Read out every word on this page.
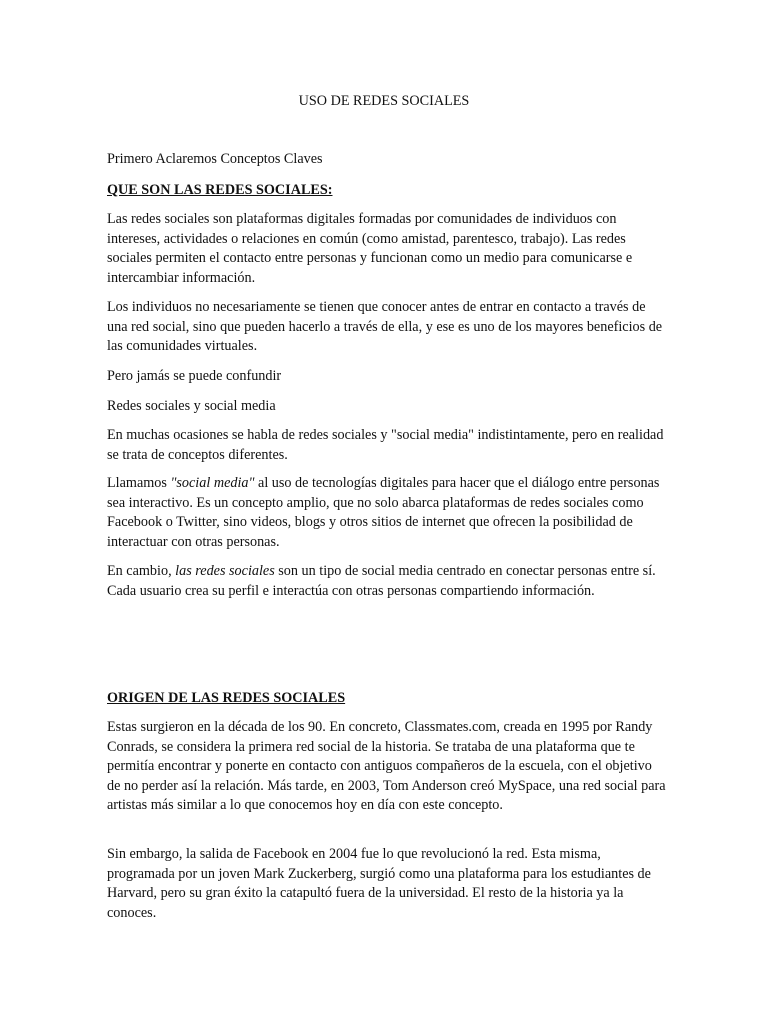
USO DE REDES SOCIALES

Primero Aclaremos Conceptos Claves

QUE SON LAS REDES SOCIALES:

Las redes sociales son plataformas digitales formadas por comunidades de individuos con intereses, actividades o relaciones en común (como amistad, parentesco, trabajo). Las redes sociales permiten el contacto entre personas y funcionan como un medio para comunicarse e intercambiar información.

Los individuos no necesariamente se tienen que conocer antes de entrar en contacto a través de una red social, sino que pueden hacerlo a través de ella, y ese es uno de los mayores beneficios de las comunidades virtuales.

Pero jamás se puede confundir

Redes sociales y social media

En muchas ocasiones se habla de redes sociales y "social media" indistintamente, pero en realidad se trata de conceptos diferentes.

Llamamos "social media" al uso de tecnologías digitales para hacer que el diálogo entre personas sea interactivo. Es un concepto amplio, que no solo abarca plataformas de redes sociales como Facebook o Twitter, sino videos, blogs y otros sitios de internet que ofrecen la posibilidad de interactuar con otras personas.

En cambio, las redes sociales son un tipo de social media centrado en conectar personas entre sí. Cada usuario crea su perfil e interactúa con otras personas compartiendo información.

ORIGEN DE LAS REDES SOCIALES

Estas surgieron en la década de los 90. En concreto, Classmates.com, creada en 1995 por Randy Conrads, se considera la primera red social de la historia. Se trataba de una plataforma que te permitía encontrar y ponerte en contacto con antiguos compañeros de la escuela, con el objetivo de no perder así la relación. Más tarde, en 2003, Tom Anderson creó MySpace, una red social para artistas más similar a lo que conocemos hoy en día con este concepto.

Sin embargo, la salida de Facebook en 2004 fue lo que revolucionó la red. Esta misma, programada por un joven Mark Zuckerberg, surgió como una plataforma para los estudiantes de Harvard, pero su gran éxito la catapultó fuera de la universidad. El resto de la historia ya la conoces.
